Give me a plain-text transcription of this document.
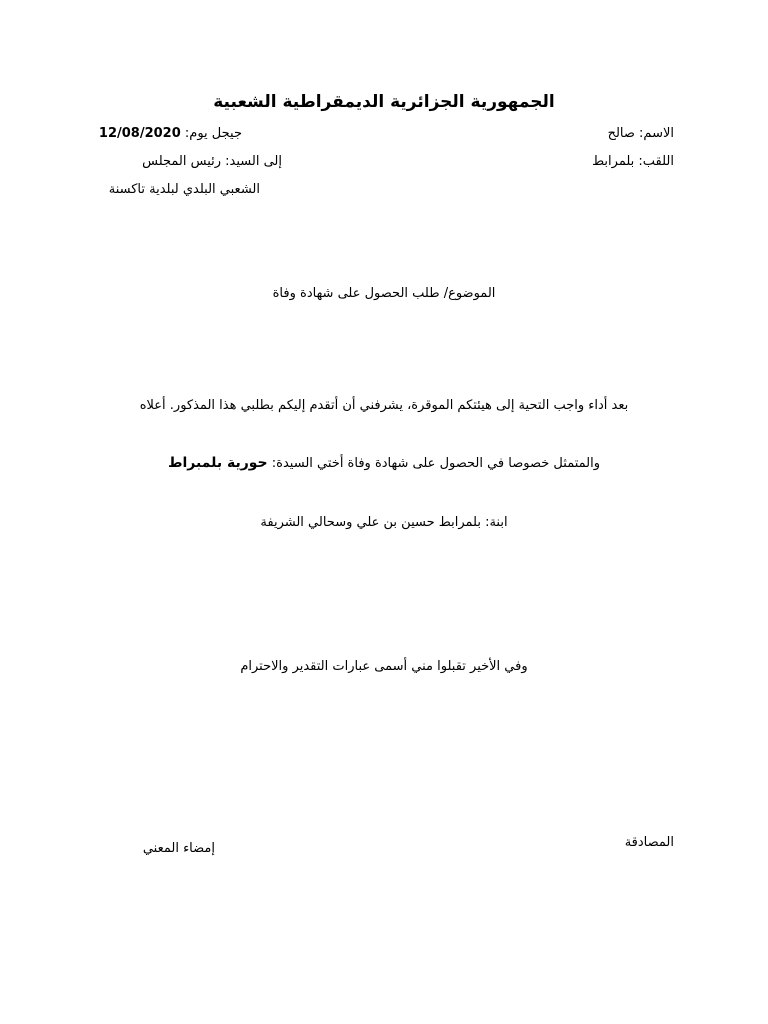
الجمهورية الجزائرية الديمقراطية الشعبية
الاسم: صالح
اللقب: بلمرابط
جيجل يوم: 12/08/2020
إلى السيد: رئيس المجلس
الشعبي البلدي لبلدية تاكسنة
الموضوع/ طلب الحصول على شهادة وفاة
بعد أداء واجب التحية إلى هيئتكم الموقرة، يشرفني أن أتقدم إليكم بطلبي هذا المذكور. أعلاه
والمتمثل خصوصا في الحصول على شهادة وفاة أختي السيدة: حورية بلمبراط
ابنة: بلمرابط حسين بن علي وسحالي الشريفة
وفي الأخير تقبلوا مني أسمى عبارات التقدير والاحترام
المصادقة
إمضاء المعني
